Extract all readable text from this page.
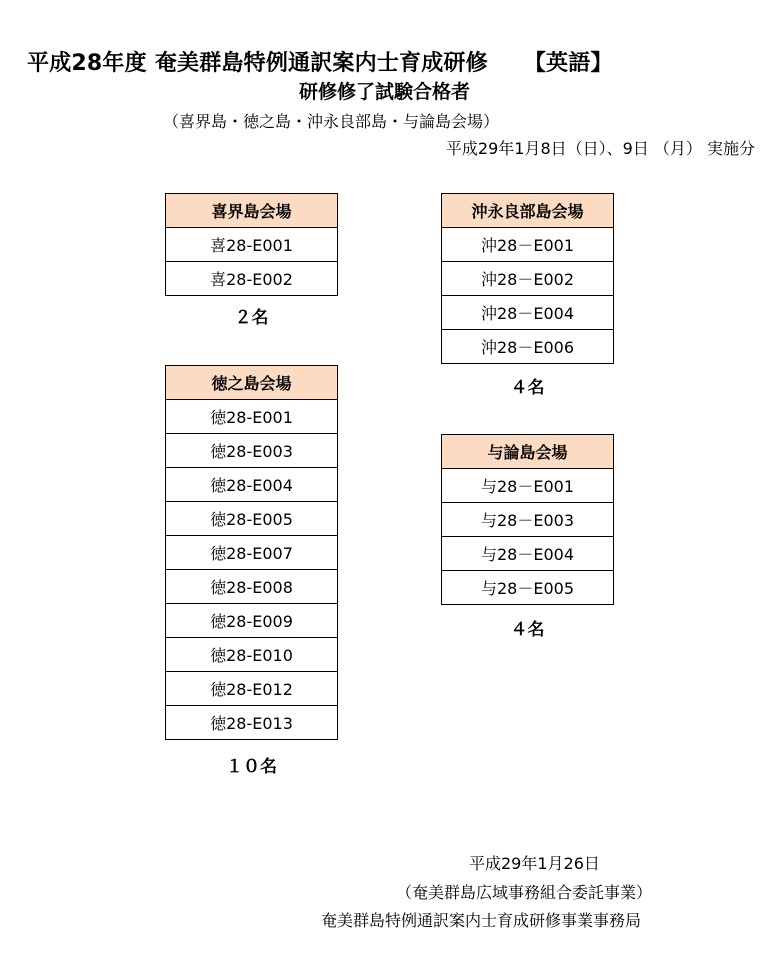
平成28年度 奄美群島特例通訳案内士育成研修 【英語】
研修修了試験合格者
（喜界島・徳之島・沖永良部島・与論島会場）
平成29年1月8日（日）、9日 （月） 実施分
喜界島会場
喜28-E001
喜28-E002
２名
徳之島会場
徳28-E001
徳28-E003
徳28-E004
徳28-E005
徳28-E007
徳28-E008
徳28-E009
徳28-E010
徳28-E012
徳28-E013
１０名
沖永良部島会場
沖28－E001
沖28－E002
沖28－E004
沖28－E006
４名
与論島会場
与28－E001
与28－E003
与28－E004
与28－E005
４名
平成29年1月26日
（奄美群島広域事務組合委託事業）
奄美群島特例通訳案内士育成研修事業事務局
